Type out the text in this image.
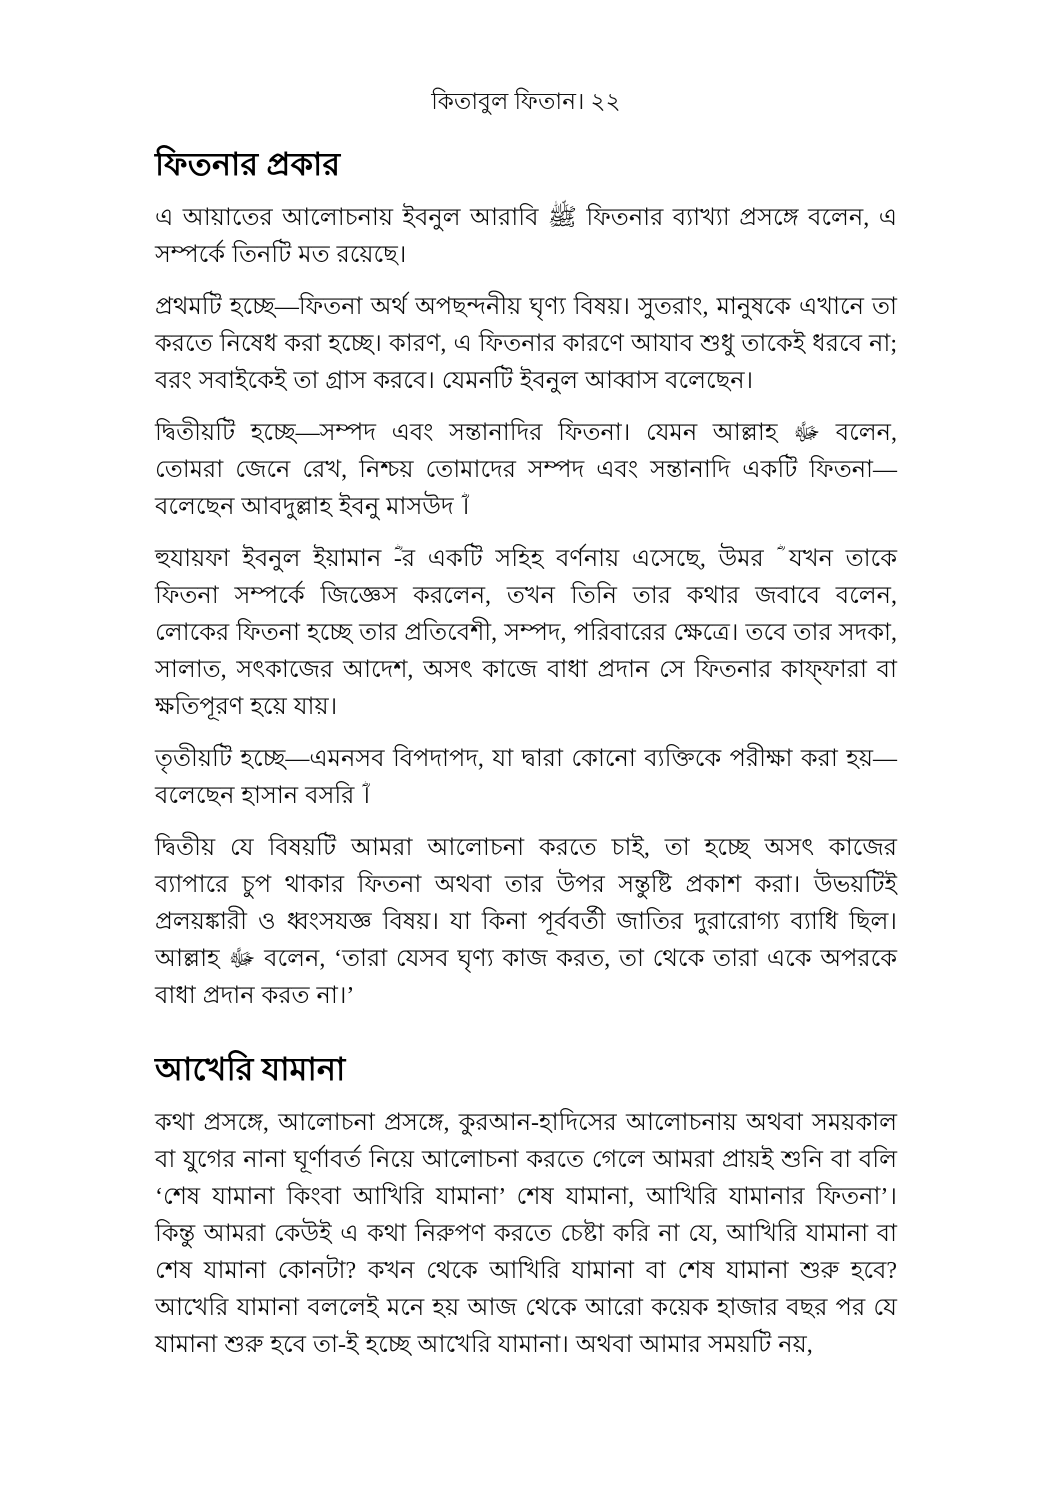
কিতাবুল ফিতান। ২২
ফিতনার প্রকার

এ আয়াতের আলোচনায় ইবনুল আরাবি ﷺ ফিতনার ব্যাখ্যা প্রসঙ্গে বলেন, এ সম্পর্কে তিনটি মত রয়েছে।

প্রথমটি হচ্ছে—ফিতনা অর্থ অপছন্দনীয় ঘৃণ্য বিষয়। সুতরাং, মানুষকে এখানে তা করতে নিষেধ করা হচ্ছে। কারণ, এ ফিতনার কারণে আযাব শুধু তাকেই ধরবে না; বরং সবাইকেই তা গ্রাস করবে। যেমনটি ইবনুল আব্বাস বলেছেন।

দ্বিতীয়টি হচ্ছে—সম্পদ এবং সন্তানাদির ফিতনা। যেমন আল্লাহ ﷻ বলেন, তোমরা জেনে রেখ, নিশ্চয় তোমাদের সম্পদ এবং সন্তানাদি একটি ফিতনা—বলেছেন আবদুল্লাহ ইবনু মাসউদ ؓ।

হুযায়ফা ইবনুল ইয়ামান ؓ-র একটি সহিহ বর্ণনায় এসেছে, উমর ؓ যখন তাকে ফিতনা সম্পর্কে জিজ্ঞেস করলেন, তখন তিনি তার কথার জবাবে বলেন, লোকের ফিতনা হচ্ছে তার প্রতিবেশী, সম্পদ, পরিবারের ক্ষেত্রে। তবে তার সদকা, সালাত, সৎকাজের আদেশ, অসৎ কাজে বাধা প্রদান সে ফিতনার কাফ্ফারা বা ক্ষতিপূরণ হয়ে যায়।

তৃতীয়টি হচ্ছে—এমনসব বিপদাপদ, যা দ্বারা কোনো ব্যক্তিকে পরীক্ষা করা হয়—বলেছেন হাসান বসরি ؓ।

দ্বিতীয় যে বিষয়টি আমরা আলোচনা করতে চাই, তা হচ্ছে অসৎ কাজের ব্যাপারে চুপ থাকার ফিতনা অথবা তার উপর সন্তুষ্টি প্রকাশ করা। উভয়টিই প্রলয়ঙ্কারী ও ধ্বংসযজ্ঞ বিষয়। যা কিনা পূর্ববর্তী জাতির দুরারোগ্য ব্যাধি ছিল। আল্লাহ ﷻ বলেন, ‘তারা যেসব ঘৃণ্য কাজ করত, তা থেকে তারা একে অপরকে বাধা প্রদান করত না।’

আখেরি যামানা

কথা প্রসঙ্গে, আলোচনা প্রসঙ্গে, কুরআন-হাদিসের আলোচনায় অথবা সময়কাল বা যুগের নানা ঘূর্ণাবর্ত নিয়ে আলোচনা করতে গেলে আমরা প্রায়ই শুনি বা বলি ‘শেষ যামানা কিংবা আখিরি যামানা’ শেষ যামানা, আখিরি যামানার ফিতনা’। কিন্তু আমরা কেউই এ কথা নিরুপণ করতে চেষ্টা করি না যে, আখিরি যামানা বা শেষ যামানা কোনটা? কখন থেকে আখিরি যামানা বা শেষ যামানা শুরু হবে? আখেরি যামানা বললেই মনে হয় আজ থেকে আরো কয়েক হাজার বছর পর যে যামানা শুরু হবে তা-ই হচ্ছে আখেরি যামানা। অথবা আমার সময়টি নয়,
